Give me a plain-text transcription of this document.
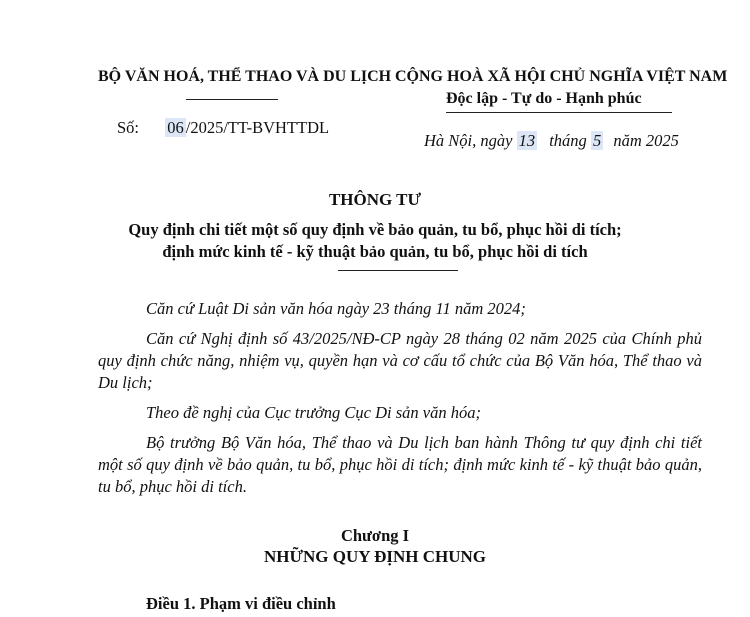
BỘ VĂN HOÁ, THỂ THAO VÀ DU LỊCH CỘNG HOÀ XÃ HỘI CHỦ NGHĨA VIỆT NAM
Độc lập - Tự do - Hạnh phúc
Số: 06 /2025/TT-BVHTTDL
Hà Nội, ngày 13 tháng 5 năm 2025
THÔNG TƯ
Quy định chi tiết một số quy định về bảo quản, tu bổ, phục hồi di tích;
định mức kinh tế - kỹ thuật bảo quản, tu bổ, phục hồi di tích

Căn cứ Luật Di sản văn hóa ngày 23 tháng 11 năm 2024;

Căn cứ Nghị định số 43/2025/NĐ-CP ngày 28 tháng 02 năm 2025 của Chính phủ quy định chức năng, nhiệm vụ, quyền hạn và cơ cấu tổ chức của Bộ Văn hóa, Thể thao và Du lịch;

Theo đề nghị của Cục trưởng Cục Di sản văn hóa;

Bộ trưởng Bộ Văn hóa, Thể thao và Du lịch ban hành Thông tư quy định chi tiết một số quy định về bảo quản, tu bổ, phục hồi di tích; định mức kinh tế - kỹ thuật bảo quản, tu bổ, phục hồi di tích.

Chương I
NHỮNG QUY ĐỊNH CHUNG
Điều 1. Phạm vi điều chỉnh
